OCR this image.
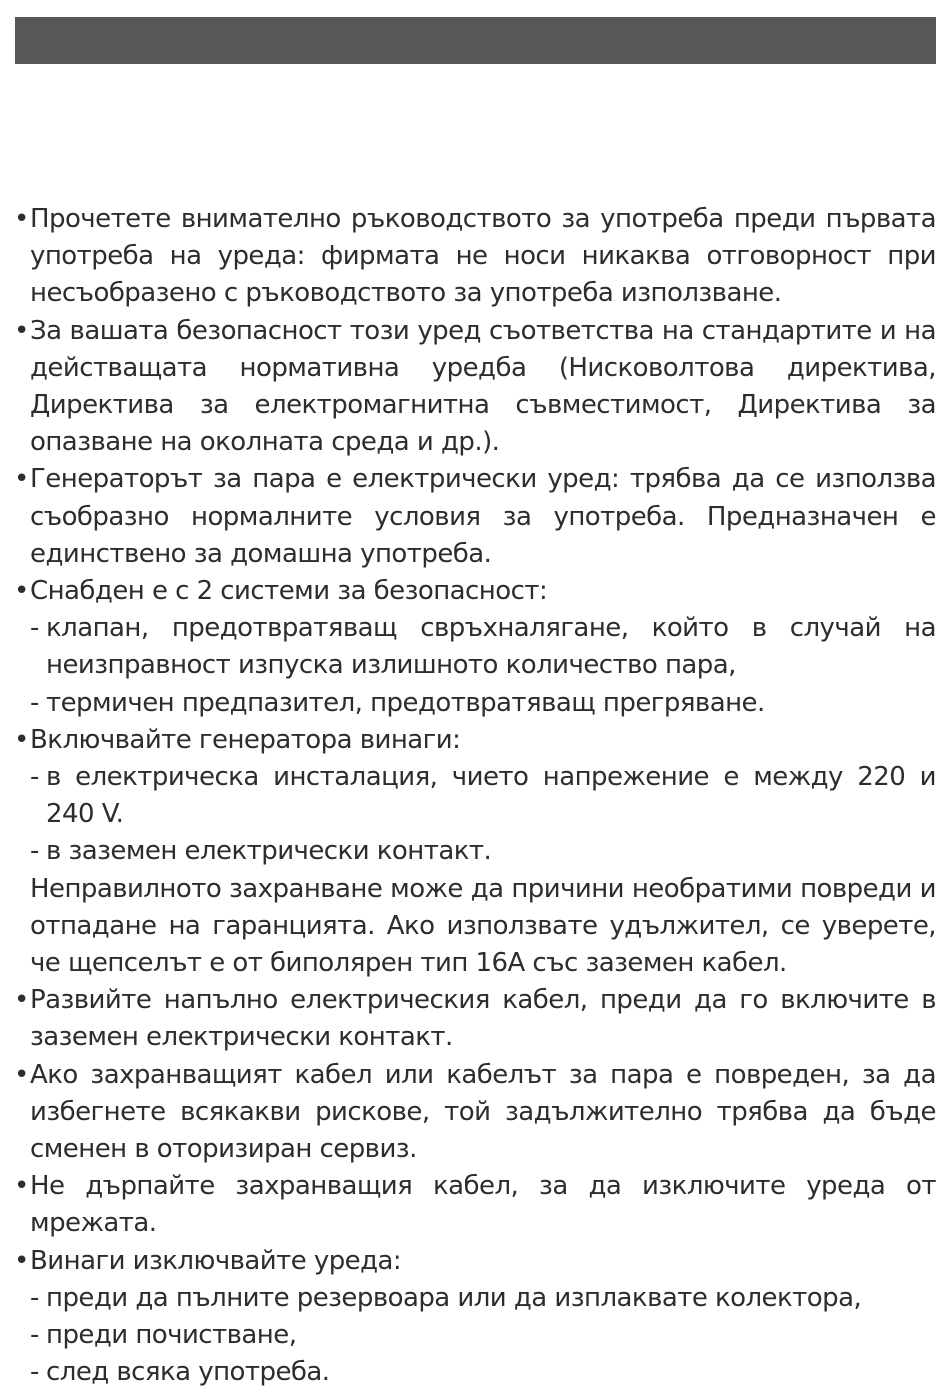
• Прочетете внимателно ръководството за употреба преди първата употреба на уреда: фирмата не носи никаква отговорност при несъобразено с ръководството за употреба използване.
• За вашата безопасност този уред съответства на стандартите и на действащата нормативна уредба (Нисковолтова директива, Директива за електромагнитна съвместимост, Директива за опазване на околната среда и др.).
• Генераторът за пара е електрически уред: трябва да се използва съобразно нормалните условия за употреба. Предназначен е единствено за домашна употреба.
• Снабден е с 2 системи за безопасност:
- клапан, предотвратяващ свръхналягане, който в случай на неизправност изпуска излишното количество пара,
- термичен предпазител, предотвратяващ прегряване.
• Включвайте генератора винаги:
- в електрическа инсталация, чието напрежение е между 220 и 240 V.
- в заземен електрически контакт.
Неправилното захранване може да причини необратими повреди и отпадане на гаранцията. Ако използвате удължител, се уверете, че щепселът е от биполярен тип 16A със заземен кабел.
• Развийте напълно електрическия кабел, преди да го включите в заземен електрически контакт.
• Ако захранващият кабел или кабелът за пара е повреден, за да избегнете всякакви рискове, той задължително трябва да бъде сменен в оторизиран сервиз.
• Не дърпайте захранващия кабел, за да изключите уреда от мрежата.
• Винаги изключвайте уреда:
- преди да пълните резервоара или да изплаквате колектора,
- преди почистване,
- след всяка употреба.
